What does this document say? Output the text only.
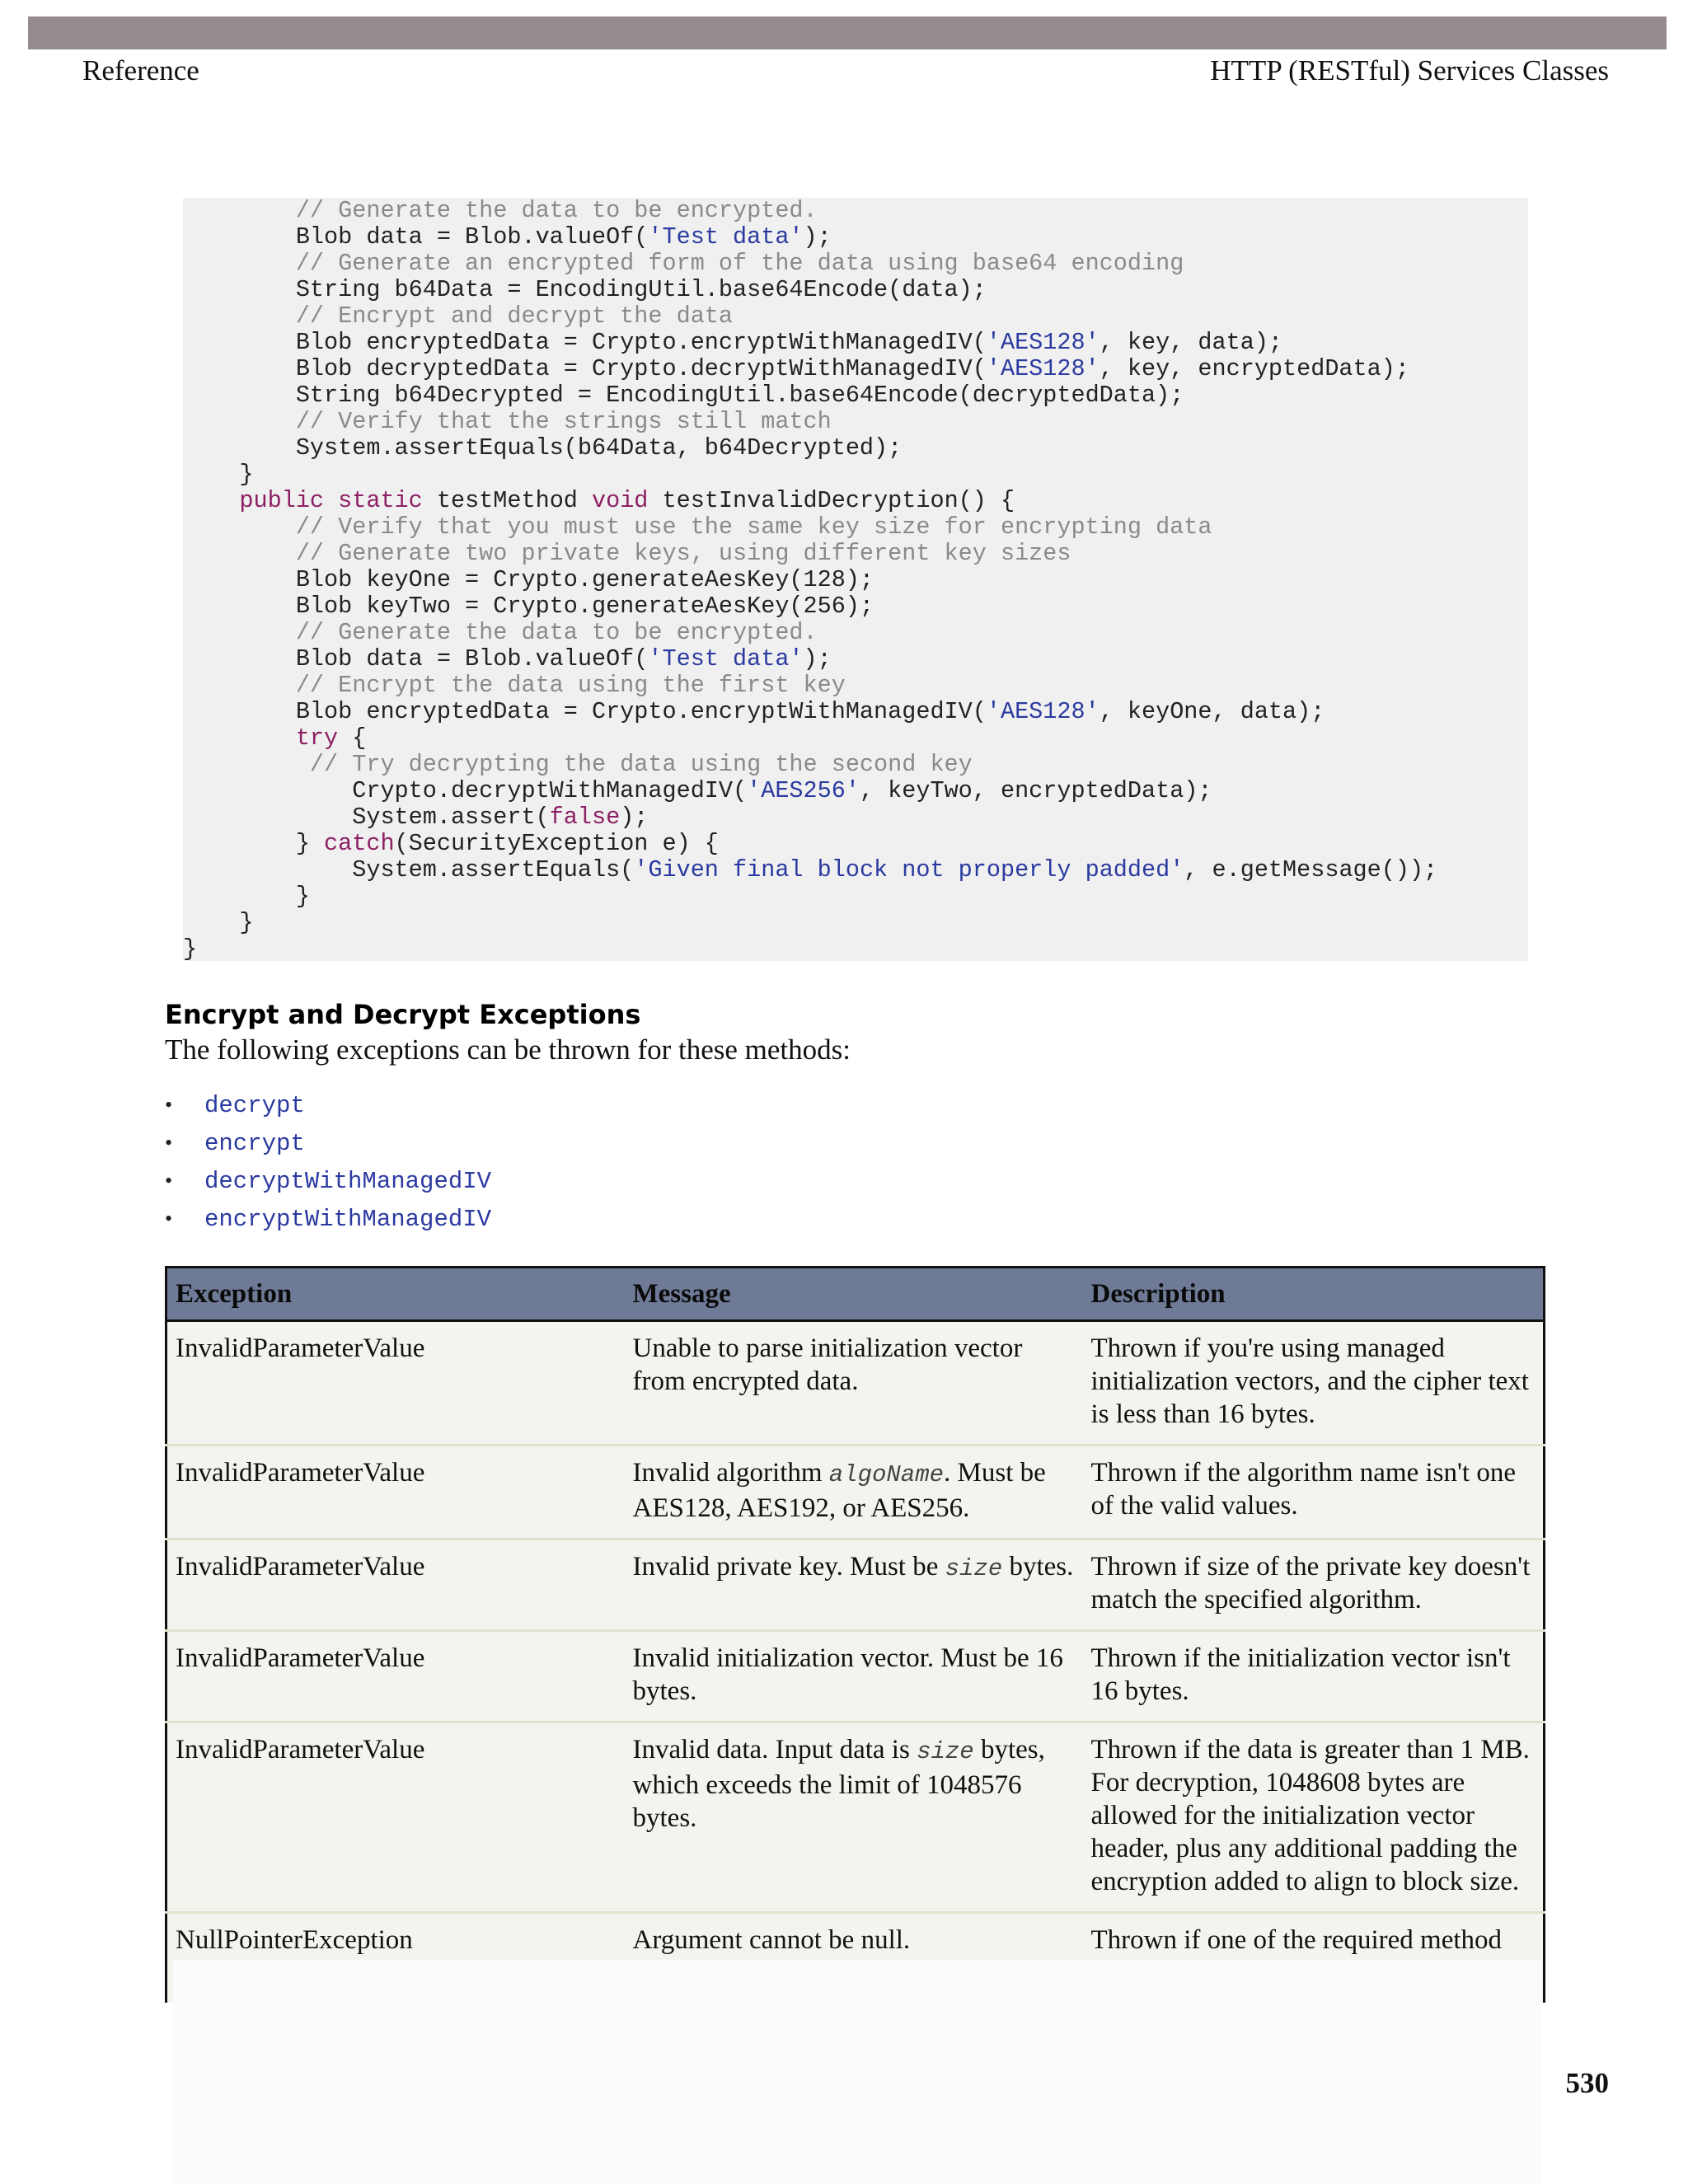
Reference	HTTP (RESTful) Services Classes
// Generate the data to be encrypted.
Blob data = Blob.valueOf('Test data');
// Generate an encrypted form of the data using base64 encoding
String b64Data = EncodingUtil.base64Encode(data);
// Encrypt and decrypt the data
Blob encryptedData = Crypto.encryptWithManagedIV('AES128', key, data);
Blob decryptedData = Crypto.decryptWithManagedIV('AES128', key, encryptedData);
String b64Decrypted = EncodingUtil.base64Encode(decryptedData);
// Verify that the strings still match
System.assertEquals(b64Data, b64Decrypted);
}
public static testMethod void testInvalidDecryption() {
// Verify that you must use the same key size for encrypting data
// Generate two private keys, using different key sizes
Blob keyOne = Crypto.generateAesKey(128);
Blob keyTwo = Crypto.generateAesKey(256);
// Generate the data to be encrypted.
Blob data = Blob.valueOf('Test data');
// Encrypt the data using the first key
Blob encryptedData = Crypto.encryptWithManagedIV('AES128', keyOne, data);
try {
// Try decrypting the data using the second key
Crypto.decryptWithManagedIV('AES256', keyTwo, encryptedData);
System.assert(false);
} catch(SecurityException e) {
System.assertEquals('Given final block not properly padded', e.getMessage());
}
}
}
Encrypt and Decrypt Exceptions

The following exceptions can be thrown for these methods:

•	decrypt
•	encrypt
•	decryptWithManagedIV
•	encryptWithManagedIV
Exception	Message	Description
InvalidParameterValue	Unable to parse initialization vector from encrypted data.	Thrown if you're using managed initialization vectors, and the cipher text is less than 16 bytes.
InvalidParameterValue	Invalid algorithm algoName. Must be AES128, AES192, or AES256.	Thrown if the algorithm name isn't one of the valid values.
InvalidParameterValue	Invalid private key. Must be size bytes.	Thrown if size of the private key doesn't match the specified algorithm.
InvalidParameterValue	Invalid initialization vector. Must be 16 bytes.	Thrown if the initialization vector isn't 16 bytes.
InvalidParameterValue	Invalid data. Input data is size bytes, which exceeds the limit of 1048576 bytes.	Thrown if the data is greater than 1 MB. For decryption, 1048608 bytes are allowed for the initialization vector header, plus any additional padding the encryption added to align to block size.
NullPointerException	Argument cannot be null.	Thrown if one of the required method
530
